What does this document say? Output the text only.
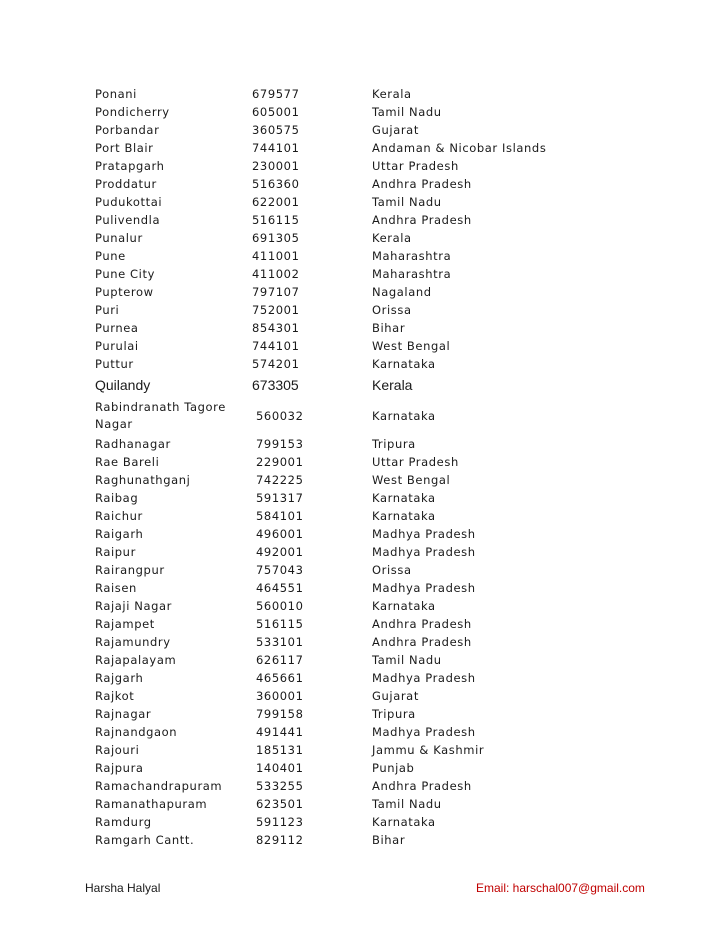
Ponani	679577	Kerala
Pondicherry	605001	Tamil Nadu
Porbandar	360575	Gujarat
Port Blair	744101	Andaman & Nicobar Islands
Pratapgarh	230001	Uttar Pradesh
Proddatur	516360	Andhra Pradesh
Pudukottai	622001	Tamil Nadu
Pulivendla	516115	Andhra Pradesh
Punalur	691305	Kerala
Pune	411001	Maharashtra
Pune City	411002	Maharashtra
Pupterow	797107	Nagaland
Puri	752001	Orissa
Purnea	854301	Bihar
Purulai	744101	West Bengal
Puttur	574201	Karnataka
Quilandy	673305	Kerala
Rabindranath Tagore Nagar	560032	Karnataka
Radhanagar	799153	Tripura
Rae Bareli	229001	Uttar Pradesh
Raghunathganj	742225	West Bengal
Raibag	591317	Karnataka
Raichur	584101	Karnataka
Raigarh	496001	Madhya Pradesh
Raipur	492001	Madhya Pradesh
Rairangpur	757043	Orissa
Raisen	464551	Madhya Pradesh
Rajaji Nagar	560010	Karnataka
Rajampet	516115	Andhra Pradesh
Rajamundry	533101	Andhra Pradesh
Rajapalayam	626117	Tamil Nadu
Rajgarh	465661	Madhya Pradesh
Rajkot	360001	Gujarat
Rajnagar	799158	Tripura
Rajnandgaon	491441	Madhya Pradesh
Rajouri	185131	Jammu & Kashmir
Rajpura	140401	Punjab
Ramachandrapuram	533255	Andhra Pradesh
Ramanathapuram	623501	Tamil Nadu
Ramdurg	591123	Karnataka
Ramgarh Cantt.	829112	Bihar
Harsha Halyal	Email: harschal007@gmail.com
